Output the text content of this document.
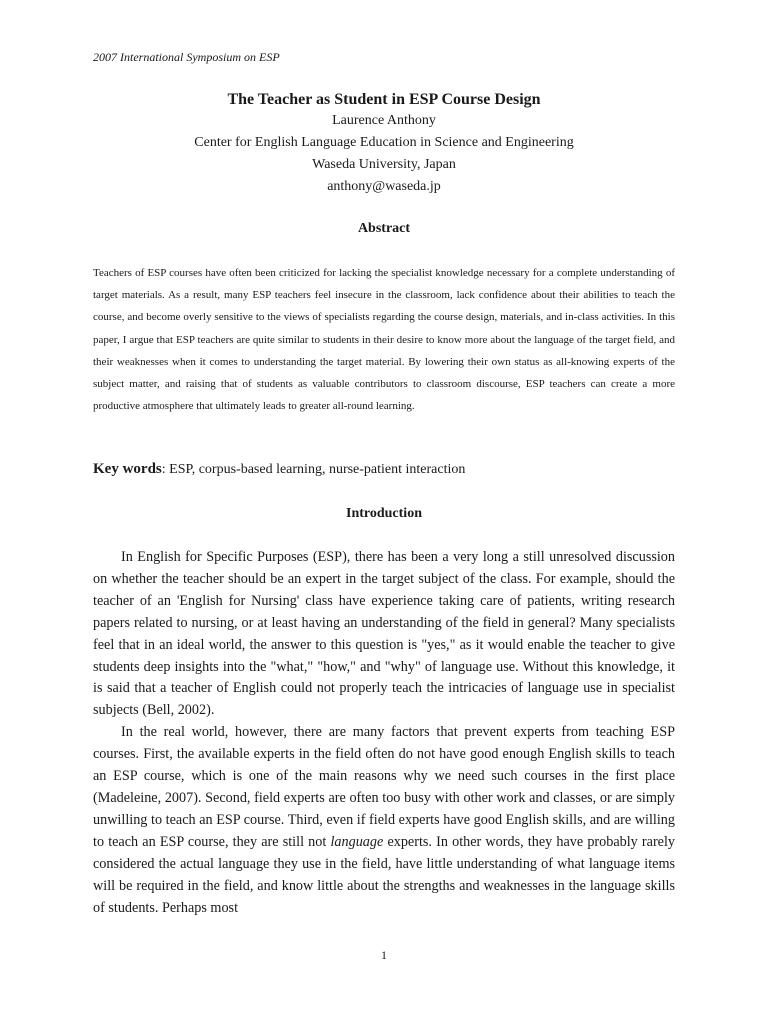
2007 International Symposium on ESP
The Teacher as Student in ESP Course Design
Laurence Anthony
Center for English Language Education in Science and Engineering
Waseda University, Japan
anthony@waseda.jp
Abstract
Teachers of ESP courses have often been criticized for lacking the specialist knowledge necessary for a complete understanding of target materials. As a result, many ESP teachers feel insecure in the classroom, lack confidence about their abilities to teach the course, and become overly sensitive to the views of specialists regarding the course design, materials, and in-class activities. In this paper, I argue that ESP teachers are quite similar to students in their desire to know more about the language of the target field, and their weaknesses when it comes to understanding the target material. By lowering their own status as all-knowing experts of the subject matter, and raising that of students as valuable contributors to classroom discourse, ESP teachers can create a more productive atmosphere that ultimately leads to greater all-round learning.
Key words: ESP, corpus-based learning, nurse-patient interaction
Introduction

In English for Specific Purposes (ESP), there has been a very long a still unresolved discussion on whether the teacher should be an expert in the target subject of the class. For example, should the teacher of an 'English for Nursing' class have experience taking care of patients, writing research papers related to nursing, or at least having an understanding of the field in general? Many specialists feel that in an ideal world, the answer to this question is "yes," as it would enable the teacher to give students deep insights into the "what," "how," and "why" of language use. Without this knowledge, it is said that a teacher of English could not properly teach the intricacies of language use in specialist subjects (Bell, 2002).

In the real world, however, there are many factors that prevent experts from teaching ESP courses. First, the available experts in the field often do not have good enough English skills to teach an ESP course, which is one of the main reasons why we need such courses in the first place (Madeleine, 2007). Second, field experts are often too busy with other work and classes, or are simply unwilling to teach an ESP course. Third, even if field experts have good English skills, and are willing to teach an ESP course, they are still not language experts. In other words, they have probably rarely considered the actual language they use in the field, have little understanding of what language items will be required in the field, and know little about the strengths and weaknesses in the language skills of students. Perhaps most

1
